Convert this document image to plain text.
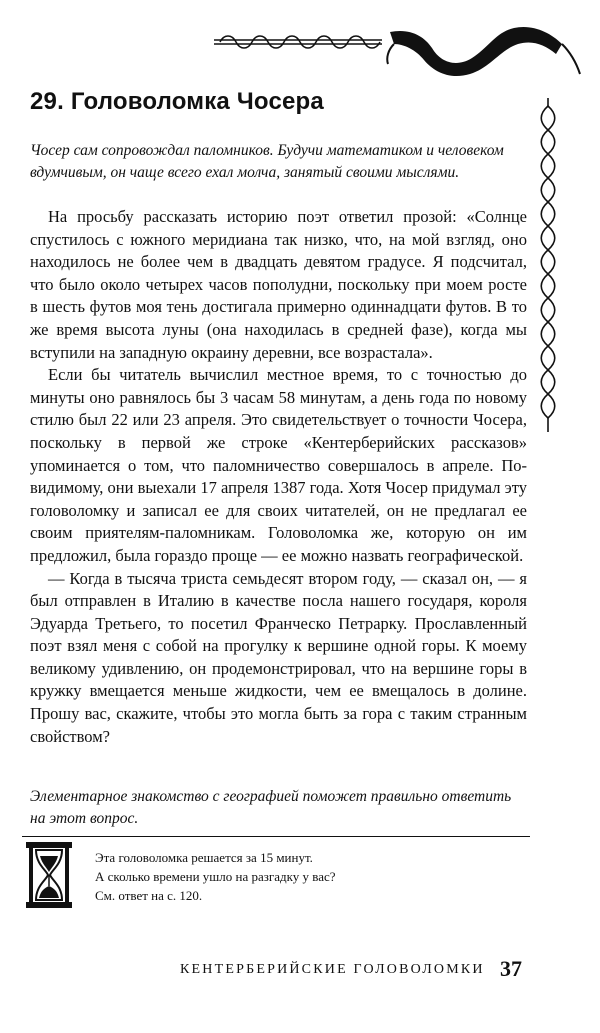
29. Головоломка Чосера

Чосер сам сопровождал паломников. Будучи математиком и человеком вдумчивым, он чаще всего ехал молча, занятый своими мыслями.

На просьбу рассказать историю поэт ответил прозой: «Солнце спустилось с южного меридиана так низко, что, на мой взгляд, оно находилось не более чем в двадцать девятом градусе. Я подсчитал, что было около четырех часов пополудни, поскольку при моем росте в шесть футов моя тень достигала примерно одиннадцати футов. В то же время высота луны (она находилась в средней фазе), когда мы вступили на западную окраину деревни, все возрастала».

Если бы читатель вычислил местное время, то с точностью до минуты оно равнялось бы 3 часам 58 минутам, а день года по новому стилю был 22 или 23 апреля. Это свидетельствует о точности Чосера, поскольку в первой же строке «Кентерберийских рассказов» упоминается о том, что паломничество совершалось в апреле. По-видимому, они выехали 17 апреля 1387 года. Хотя Чосер придумал эту головоломку и записал ее для своих читателей, он не предлагал ее своим приятелям-паломникам. Головоломка же, которую он им предложил, была гораздо проще — ее можно назвать географической.

— Когда в тысяча триста семьдесят втором году, — сказал он, — я был отправлен в Италию в качестве посла нашего государя, короля Эдуарда Третьего, то посетил Франческо Петрарку. Прославленный поэт взял меня с собой на прогулку к вершине одной горы. К моему великому удивлению, он продемонстрировал, что на вершине горы в кружку вмещается меньше жидкости, чем ее вмещалось в долине. Прошу вас, скажите, чтобы это могла быть за гора с таким странным свойством?

Элементарное знакомство с географией поможет правильно ответить на этот вопрос.

Эта головоломка решается за 15 минут.
А сколько времени ушло на разгадку у вас?
См. ответ на с. 120.

КЕНТЕРБЕРИЙСКИЕ ГОЛОВОЛОМКИ 37
